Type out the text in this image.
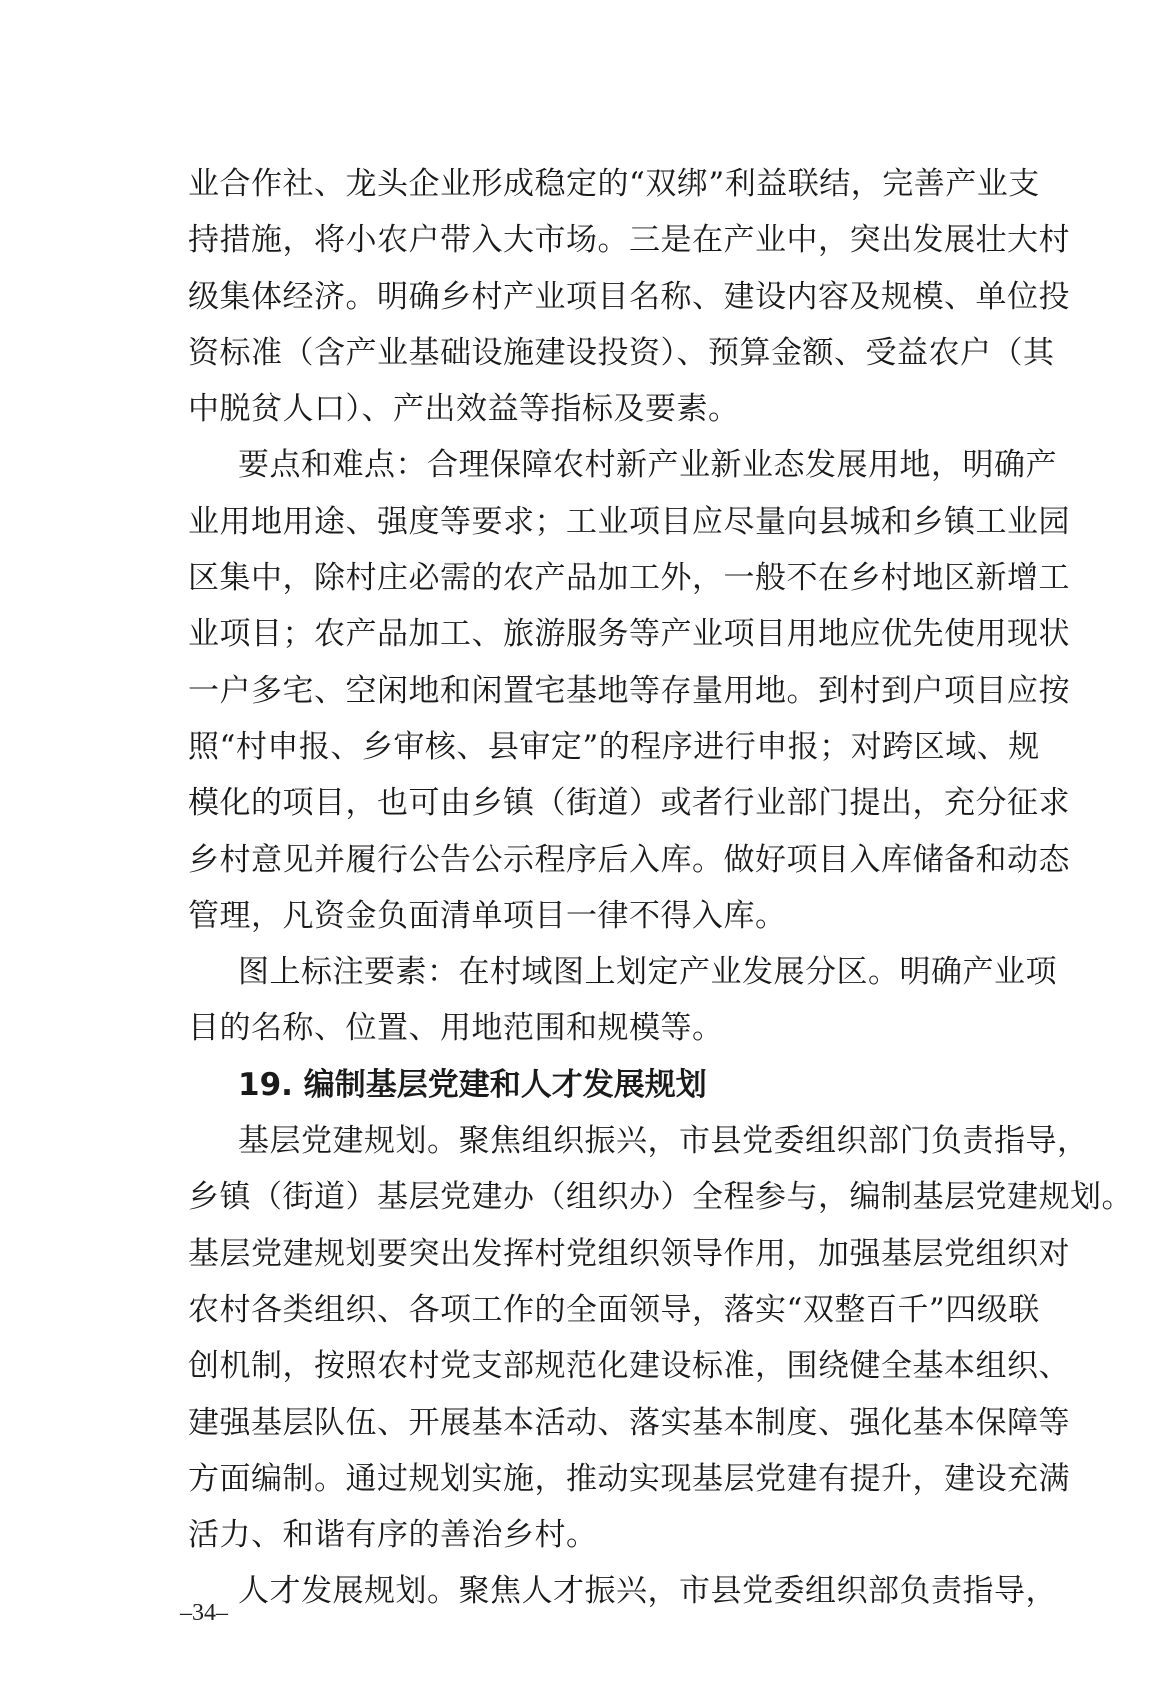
业合作社、龙头企业形成稳定的“双绑”利益联结，完善产业支
持措施，将小农户带入大市场。三是在产业中，突出发展壮大村
级集体经济。明确乡村产业项目名称、建设内容及规模、单位投
资标准（含产业基础设施建设投资）、预算金额、受益农户（其
中脱贫人口）、产出效益等指标及要素。
要点和难点：合理保障农村新产业新业态发展用地，明确产
业用地用途、强度等要求；工业项目应尽量向县城和乡镇工业园
区集中，除村庄必需的农产品加工外，一般不在乡村地区新增工
业项目；农产品加工、旅游服务等产业项目用地应优先使用现状
一户多宅、空闲地和闲置宅基地等存量用地。到村到户项目应按
照“村申报、乡审核、县审定”的程序进行申报；对跨区域、规
模化的项目，也可由乡镇（街道）或者行业部门提出，充分征求
乡村意见并履行公告公示程序后入库。做好项目入库储备和动态
管理，凡资金负面清单项目一律不得入库。
图上标注要素：在村域图上划定产业发展分区。明确产业项
目的名称、位置、用地范围和规模等。
19. 编制基层党建和人才发展规划
基层党建规划。聚焦组织振兴，市县党委组织部门负责指导，
乡镇（街道）基层党建办（组织办）全程参与，编制基层党建规划。
基层党建规划要突出发挥村党组织领导作用，加强基层党组织对
农村各类组织、各项工作的全面领导，落实“双整百千”四级联
创机制，按照农村党支部规范化建设标准，围绕健全基本组织、
建强基层队伍、开展基本活动、落实基本制度、强化基本保障等
方面编制。通过规划实施，推动实现基层党建有提升，建设充满
活力、和谐有序的善治乡村。
人才发展规划。聚焦人才振兴，市县党委组织部负责指导，
–34–
